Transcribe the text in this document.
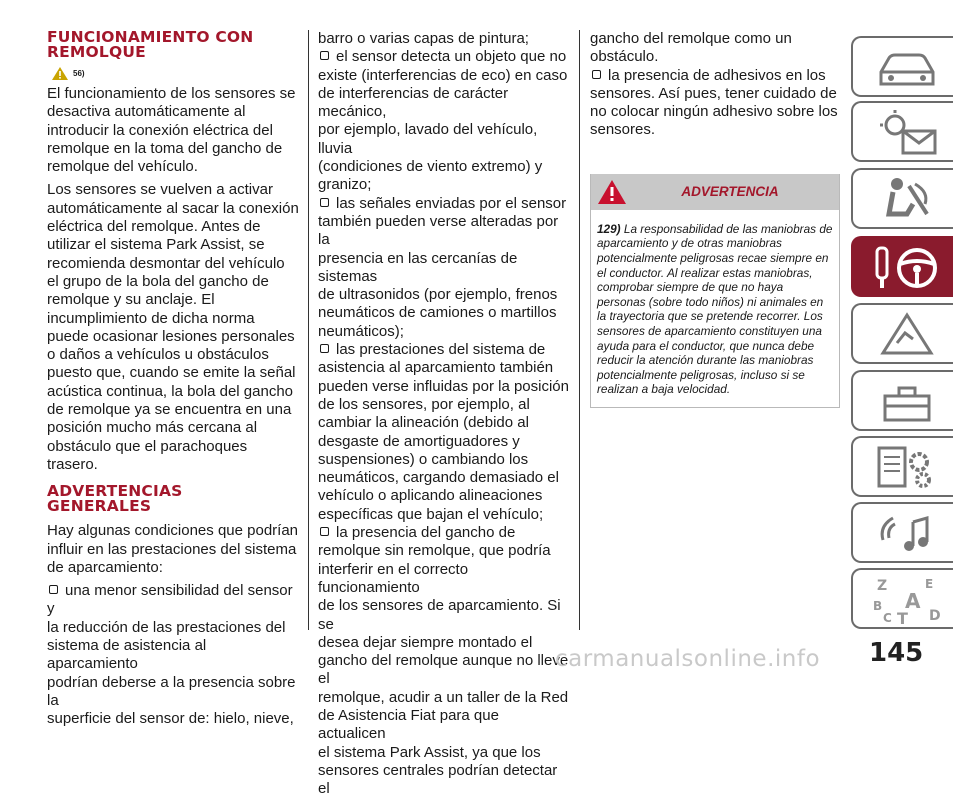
FUNCIONAMIENTO CON
REMOLQUE
56)

El funcionamiento de los sensores se desactiva automáticamente al introducir la conexión eléctrica del remolque en la toma del gancho de remolque del vehículo.

Los sensores se vuelven a activar automáticamente al sacar la conexión eléctrica del remolque. Antes de utilizar el sistema Park Assist, se recomienda desmontar del vehículo el grupo de la bola del gancho de remolque y su anclaje. El incumplimiento de dicha norma puede ocasionar lesiones personales o daños a vehículos u obstáculos puesto que, cuando se emite la señal acústica continua, la bola del gancho de remolque ya se encuentra en una posición mucho más cercana al obstáculo que el parachoques trasero.

ADVERTENCIAS
GENERALES

Hay algunas condiciones que podrían influir en las prestaciones del sistema de aparcamiento:

una menor sensibilidad del sensor y
la reducción de las prestaciones del
sistema de asistencia al aparcamiento
podrían deberse a la presencia sobre la
superficie del sensor de: hielo, nieve,
barro o varias capas de pintura;
el sensor detecta un objeto que no
existe (interferencias de eco) en caso
de interferencias de carácter mecánico,
por ejemplo, lavado del vehículo, lluvia
(condiciones de viento extremo) y
granizo;
las señales enviadas por el sensor
también pueden verse alteradas por la
presencia en las cercanías de sistemas
de ultrasonidos (por ejemplo, frenos
neumáticos de camiones o martillos
neumáticos);
las prestaciones del sistema de
asistencia al aparcamiento también
pueden verse influidas por la posición
de los sensores, por ejemplo, al
cambiar la alineación (debido al
desgaste de amortiguadores y
suspensiones) o cambiando los
neumáticos, cargando demasiado el
vehículo o aplicando alineaciones
específicas que bajan el vehículo;
la presencia del gancho de
remolque sin remolque, que podría
interferir en el correcto funcionamiento
de los sensores de aparcamiento. Si se
desea dejar siempre montado el
gancho del remolque aunque no lleve el
remolque, acudir a un taller de la Red
de Asistencia Fiat para que actualicen
el sistema Park Assist, ya que los
sensores centrales podrían detectar el
gancho del remolque como un
obstáculo.
la presencia de adhesivos en los
sensores. Así pues, tener cuidado de
no colocar ningún adhesivo sobre los
sensores.
ADVERTENCIA
129) La responsabilidad de las maniobras de aparcamiento y de otras maniobras potencialmente peligrosas recae siempre en el conductor. Al realizar estas maniobras, comprobar siempre de que no haya personas (sobre todo niños) ni animales en la trayectoria que se pretende recorrer. Los sensores de aparcamiento constituyen una ayuda para el conductor, que nunca debe reducir la atención durante las maniobras potencialmente peligrosas, incluso si se realizan a baja velocidad.
Z	E
B A
C T D
carmanualsonline.info 145
